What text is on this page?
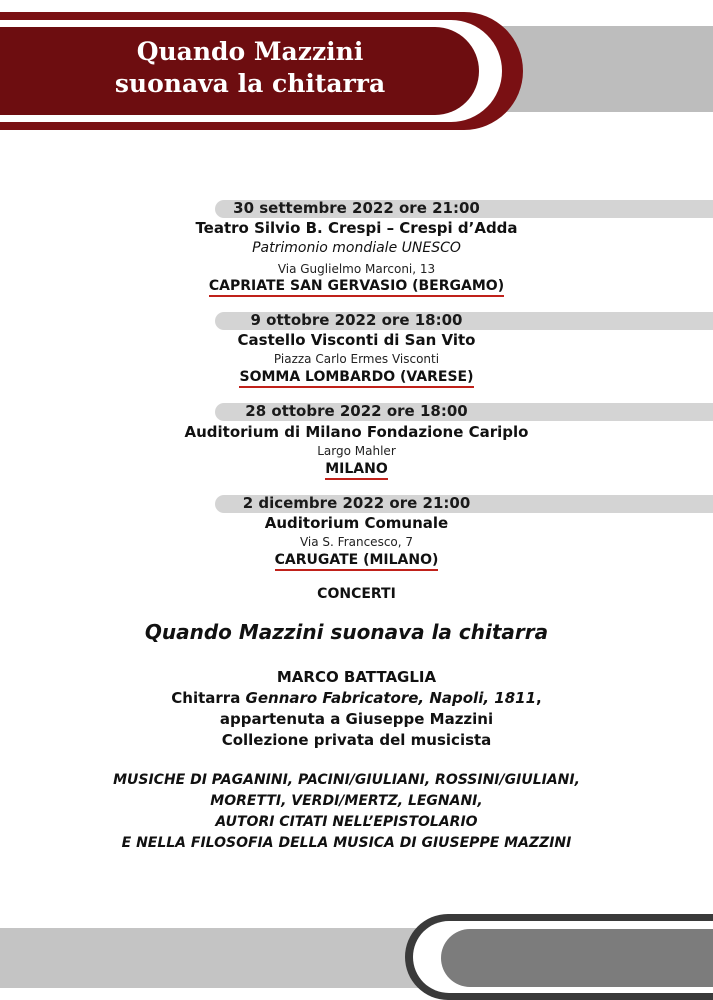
Quando Mazzini
suonava la chitarra
30 settembre 2022 ore 21:00
Teatro Silvio B. Crespi – Crespi d’Adda
Patrimonio mondiale UNESCO
Via Guglielmo Marconi, 13
CAPRIATE SAN GERVASIO (BERGAMO)
9 ottobre 2022 ore 18:00
Castello Visconti di San Vito
Piazza Carlo Ermes Visconti
SOMMA LOMBARDO (VARESE)
28 ottobre 2022 ore 18:00
Auditorium di Milano Fondazione Cariplo
Largo Mahler
MILANO
2 dicembre 2022 ore 21:00
Auditorium Comunale
Via S. Francesco, 7
CARUGATE (MILANO)
CONCERTI
Quando Mazzini suonava la chitarra
MARCO BATTAGLIA
Chitarra Gennaro Fabricatore, Napoli, 1811,
appartenuta a Giuseppe Mazzini
Collezione privata del musicista
MUSICHE DI PAGANINI, PACINI/GIULIANI, ROSSINI/GIULIANI,
MORETTI, VERDI/MERTZ, LEGNANI,
AUTORI CITATI NELL’EPISTOLARIO
E NELLA FILOSOFIA DELLA MUSICA DI GIUSEPPE MAZZINI
